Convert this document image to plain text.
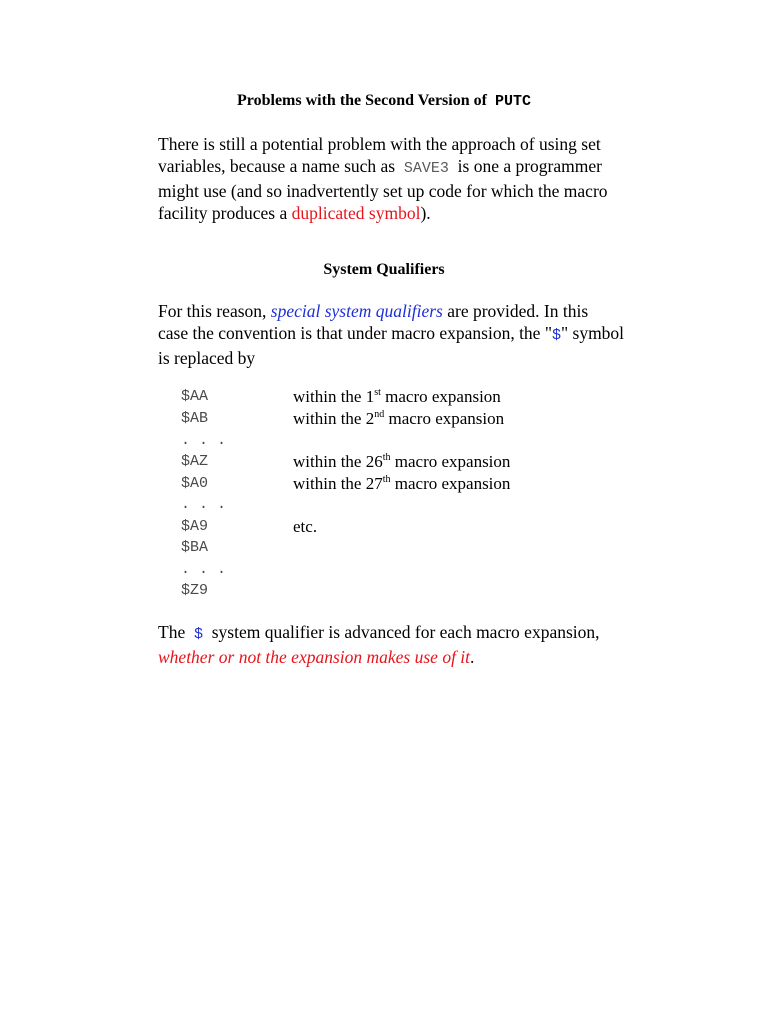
Problems with the Second Version of PUTC
There is still a potential problem with the approach of using set
variables, because a name such as SAVE3 is one a programmer
might use (and so inadvertently set up code for which the macro
facility produces a duplicated symbol).
System Qualifiers
For this reason, special system qualifiers are provided. In this
case the convention is that under macro expansion, the "$" symbol
is replaced by
$AA	within the 1st macro expansion
$AB	within the 2nd macro expansion
. . .
$AZ	within the 26th macro expansion
$A0	within the 27th macro expansion
. . .
$A9	etc.
$BA
. . .
$Z9
The $ system qualifier is advanced for each macro expansion,
whether or not the expansion makes use of it.
